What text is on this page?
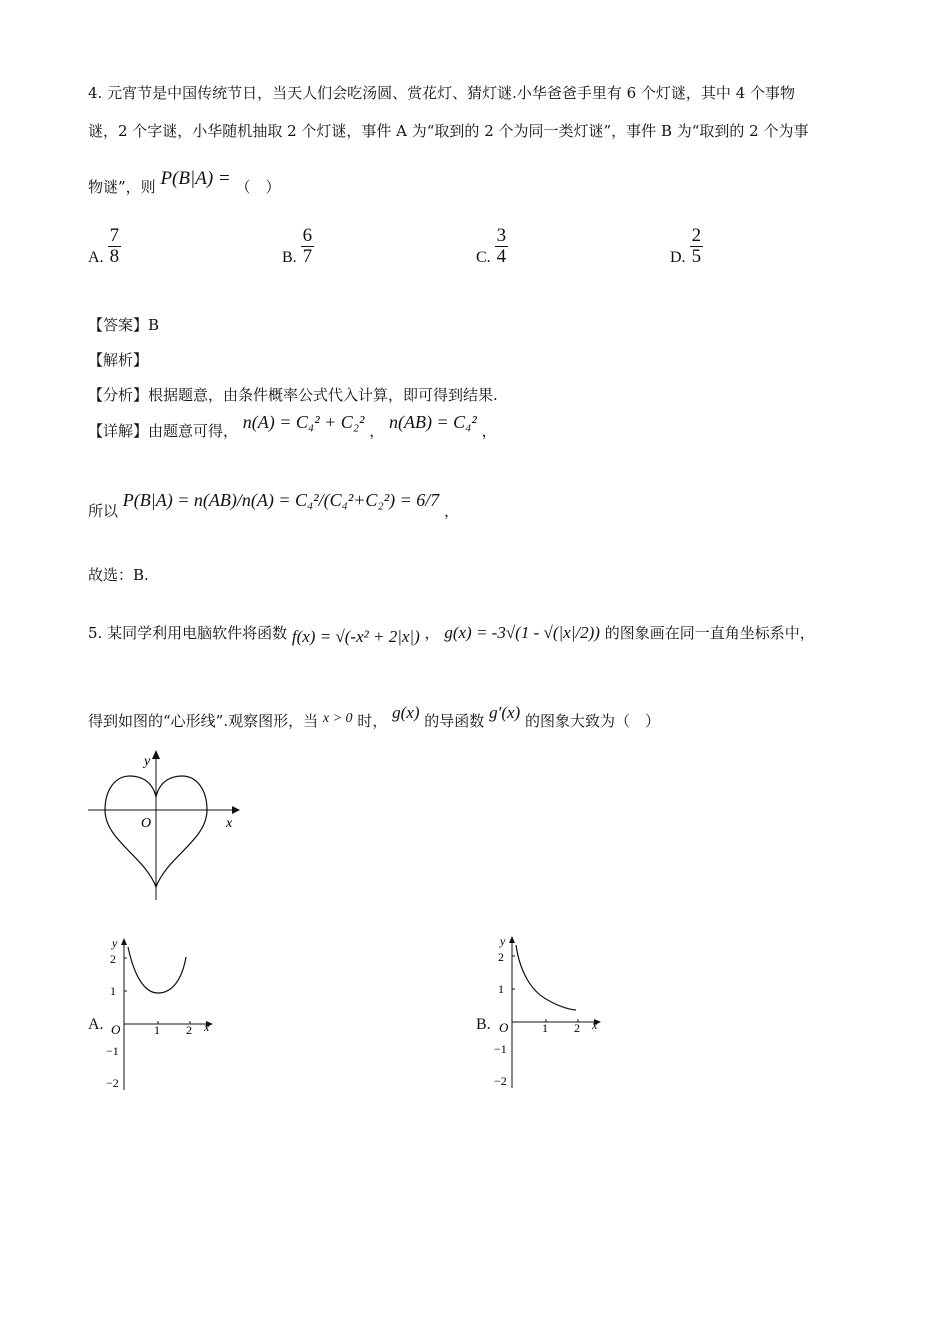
4. 元宵节是中国传统节日，当天人们会吃汤圆、赏花灯、猜灯谜.小华爸爸手里有 6 个灯谜，其中 4 个事物
谜，2 个字谜，小华随机抽取 2 个灯谜，事件 A 为“取到的 2 个为同一类灯谜”，事件 B 为“取到的 2 个为事
物谜”，则 P(B|A) = （　）
A. $\frac{7}{8}$	B. $\frac{6}{7}$	C. $\frac{3}{4}$	D. $\frac{2}{5}$
【答案】B
【解析】
【分析】根据题意，由条件概率公式代入计算，即可得到结果.
【详解】由题意可得， n(A) = C₄² + C₂² ， n(AB) = C₄² ，
所以 P(B|A) = n(AB)/n(A) = C₄²/(C₄²+C₂²) = 6/7 ，
故选：B.
5. 某同学利用电脑软件将函数 f(x) = √(-x² + 2|x|) ， g(x) = -3√(1 - √(|x|/2)) 的图象画在同一直角坐标系中，
得到如图的“心形线”.观察图形，当 x > 0 时， g(x) 的导函数 g′(x) 的图象大致为（　）
y
x
O
A.
y
2
1
O	1 2 x
−1
−2
B.
y
2
1
O	1 2 x
−1
−2
